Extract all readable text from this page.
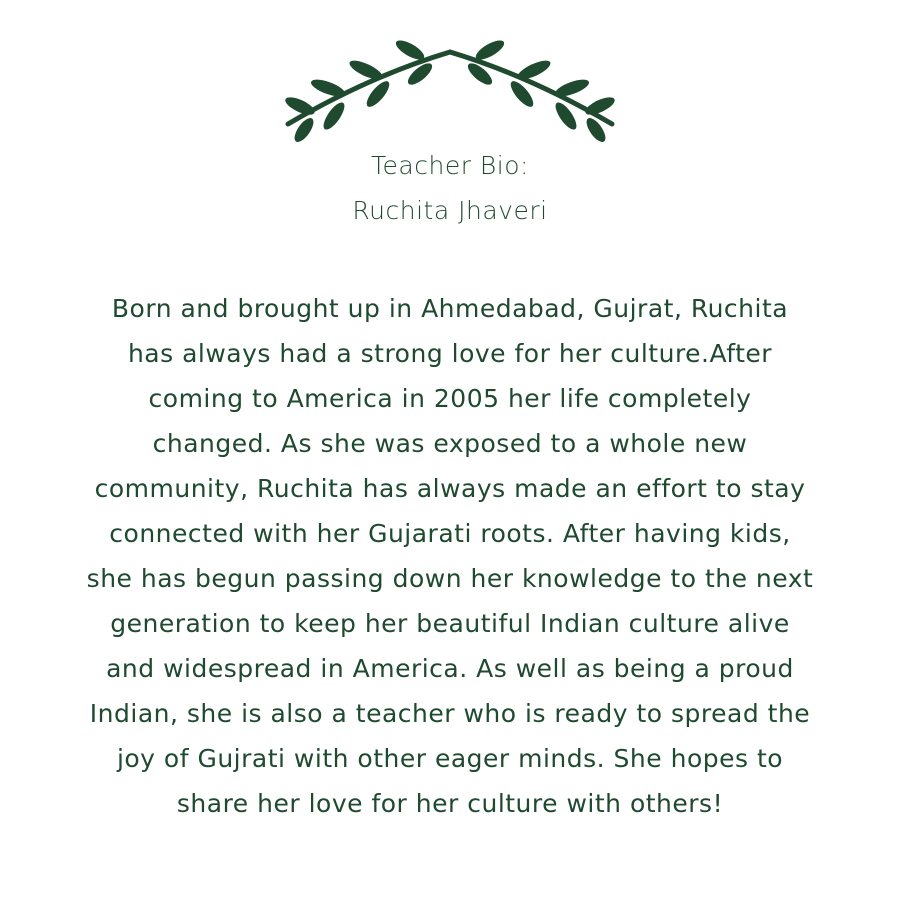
Teacher Bio:
Ruchita Jhaveri
Born and brought up in Ahmedabad, Gujrat, Ruchita
has always had a strong love for her culture.After
coming to America in 2005 her life completely
changed. As she was exposed to a whole new
community, Ruchita has always made an effort to stay
connected with her Gujarati roots. After having kids,
she has begun passing down her knowledge to the next
generation to keep her beautiful Indian culture alive
and widespread in America. As well as being a proud
Indian, she is also a teacher who is ready to spread the
joy of Gujrati with other eager minds. She hopes to
share her love for her culture with others!
